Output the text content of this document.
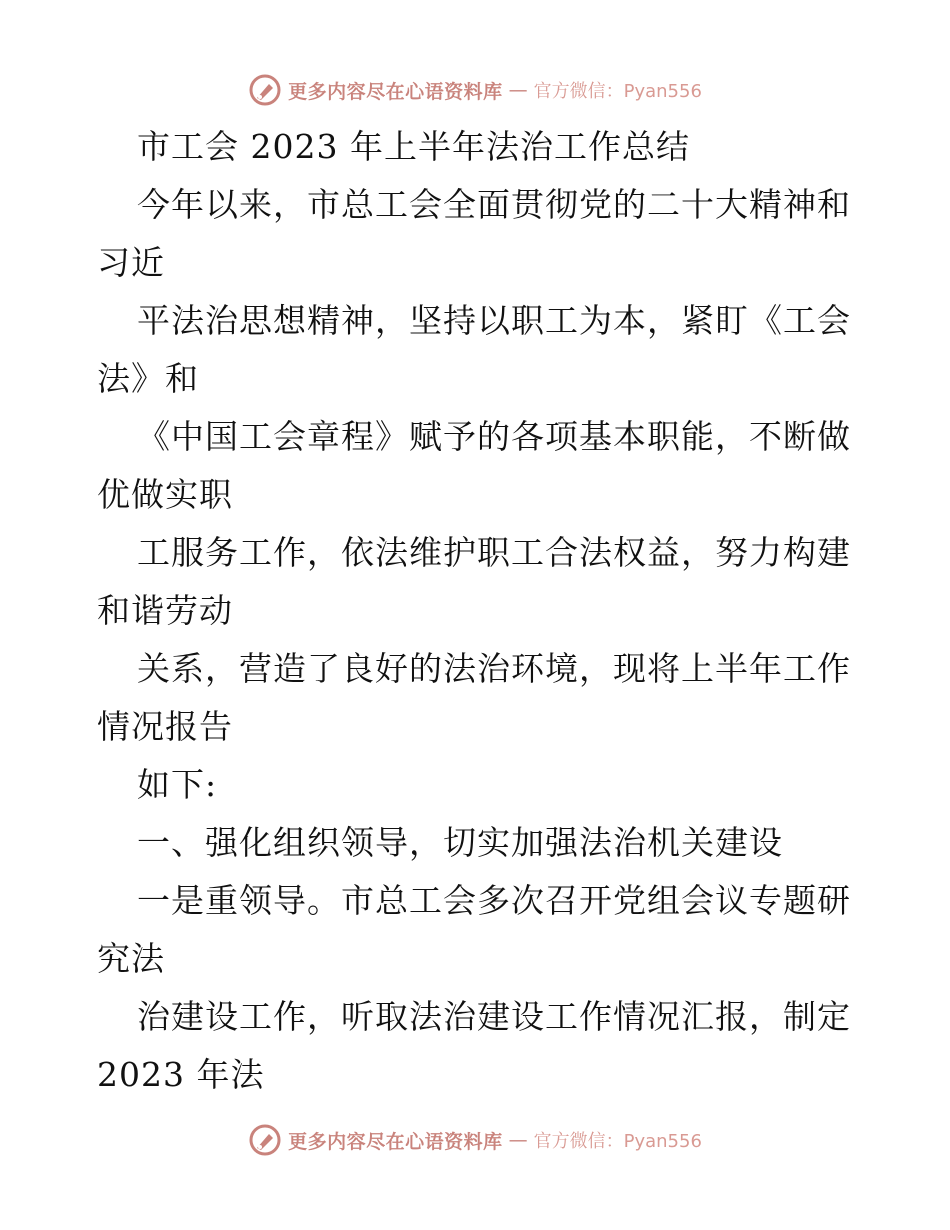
更多内容尽在心语资料库 — 官方微信：Pyan556
市工会 2023 年上半年法治工作总结
今年以来，市总工会全面贯彻党的二十大精神和
习近
平法治思想精神，坚持以职工为本，紧盯《工会
法》和
《中国工会章程》赋予的各项基本职能，不断做
优做实职
工服务工作，依法维护职工合法权益，努力构建
和谐劳动
关系，营造了良好的法治环境，现将上半年工作
情况报告
如下:
一、强化组织领导，切实加强法治机关建设
一是重领导。市总工会多次召开党组会议专题研
究法
治建设工作，听取法治建设工作情况汇报，制定
2023 年法
更多内容尽在心语资料库 — 官方微信：Pyan556
